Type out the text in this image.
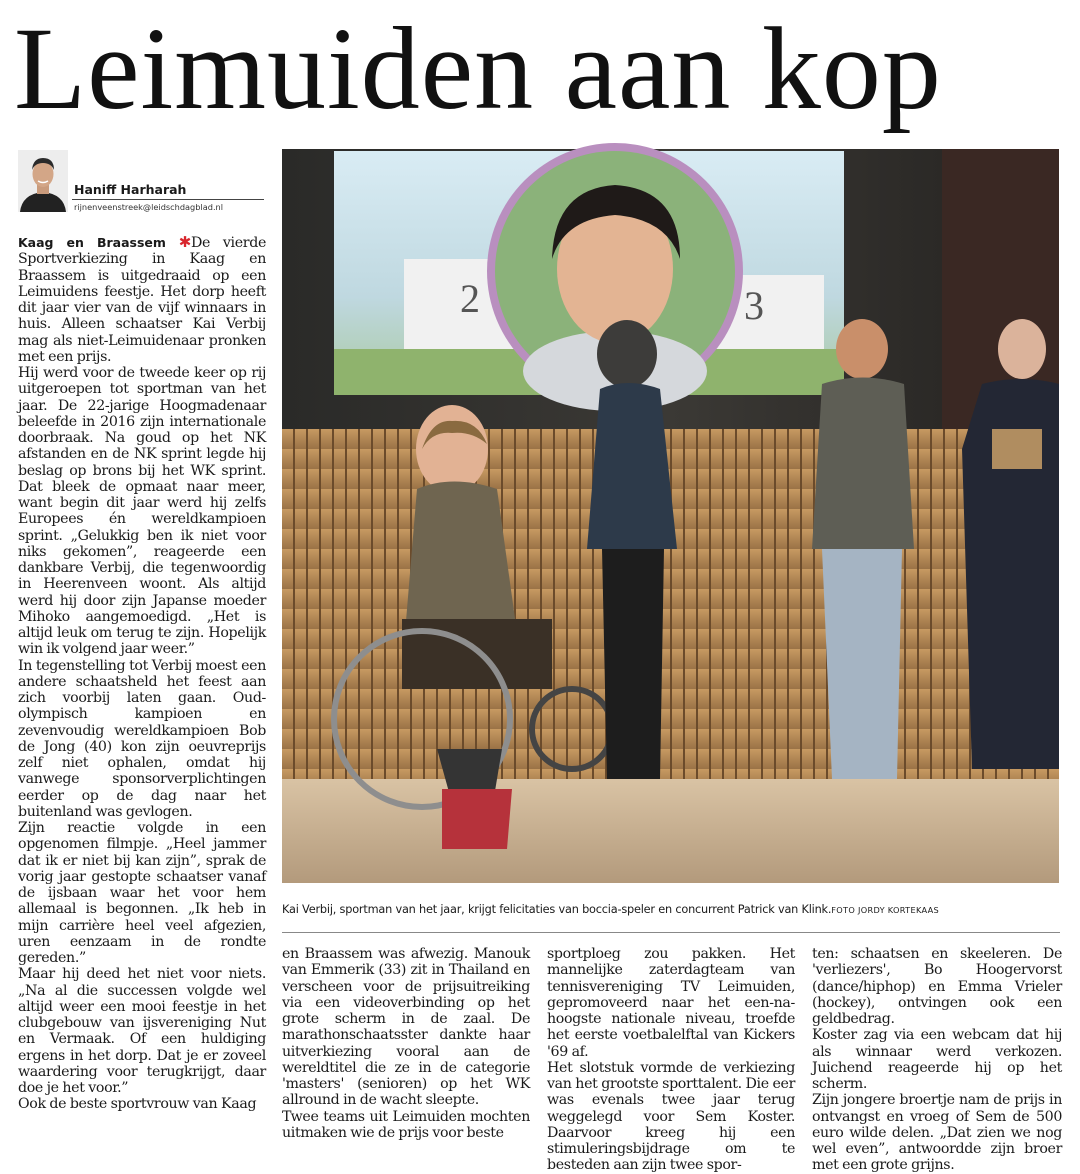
Leimuiden aan kop
Haniff Harharah
rijnenveenstreek@leidschdagblad.nl

Kaag en Braassem ✱De vierde Sportverkiezing in Kaag en Braassem is uitgedraaid op een Leimuidens feestje. Het dorp heeft dit jaar vier van de vijf winnaars in huis. Alleen schaatser Kai Verbij mag als niet-Leimuidenaar pronken met een prijs.

Hij werd voor de tweede keer op rij uitgeroepen tot sportman van het jaar. De 22-jarige Hoogmadenaar beleefde in 2016 zijn internationale doorbraak. Na goud op het NK afstanden en de NK sprint legde hij beslag op brons bij het WK sprint. Dat bleek de opmaat naar meer, want begin dit jaar werd hij zelfs Europees én wereldkampioen sprint. „Gelukkig ben ik niet voor niks gekomen”, reageerde een dankbare Verbij, die tegenwoordig in Heerenveen woont. Als altijd werd hij door zijn Japanse moeder Mihoko aangemoedigd. „Het is altijd leuk om terug te zijn. Hopelijk win ik volgend jaar weer.”

In tegenstelling tot Verbij moest een andere schaatsheld het feest aan zich voorbij laten gaan. Oud-olympisch kampioen en zevenvoudig wereldkampioen Bob de Jong (40) kon zijn oeuvreprijs zelf niet ophalen, omdat hij vanwege sponsorverplichtingen eerder op de dag naar het buitenland was gevlogen.

Zijn reactie volgde in een opgenomen filmpje. „Heel jammer dat ik er niet bij kan zijn”, sprak de vorig jaar gestopte schaatser vanaf de ijsbaan waar het voor hem allemaal is begonnen. „Ik heb in mijn carrière heel veel afgezien, uren eenzaam in de rondte gereden.”

Maar hij deed het niet voor niets. „Na al die successen volgde wel altijd weer een mooi feestje in het clubgebouw van ijsvereniging Nut en Vermaak. Of een huldiging ergens in het dorp. Dat je er zoveel waardering voor terugkrijgt, daar doe je het voor.”

Ook de beste sportvrouw van Kaag

2	3
Kai Verbij, sportman van het jaar, krijgt felicitaties van boccia-speler en concurrent Patrick van Klink.FOTO JORDY KORTEKAAS

en Braassem was afwezig. Manouk van Emmerik (33) zit in Thailand en verscheen voor de prijsuitreiking via een videoverbinding op het grote scherm in de zaal. De marathonschaatsster dankte haar uitverkiezing vooral aan de wereldtitel die ze in de categorie 'masters' (senioren) op het WK allround in de wacht sleepte.

Twee teams uit Leimuiden mochten uitmaken wie de prijs voor beste

sportploeg zou pakken. Het mannelijke zaterdagteam van tennisvereniging TV Leimuiden, gepromoveerd naar het een-na-hoogste nationale niveau, troefde het eerste voetbalelftal van Kickers '69 af.

Het slotstuk vormde de verkiezing van het grootste sporttalent. Die eer was evenals twee jaar terug weggelegd voor Sem Koster. Daarvoor kreeg hij een stimuleringsbijdrage om te besteden aan zijn twee spor-

ten: schaatsen en skeeleren. De 'verliezers', Bo Hoogervorst (dance/hiphop) en Emma Vrieler (hockey), ontvingen ook een geldbedrag.

Koster zag via een webcam dat hij als winnaar werd verkozen. Juichend reageerde hij op het scherm.

Zijn jongere broertje nam de prijs in ontvangst en vroeg of Sem de 500 euro wilde delen. „Dat zien we nog wel even”, antwoordde zijn broer met een grote grijns.
